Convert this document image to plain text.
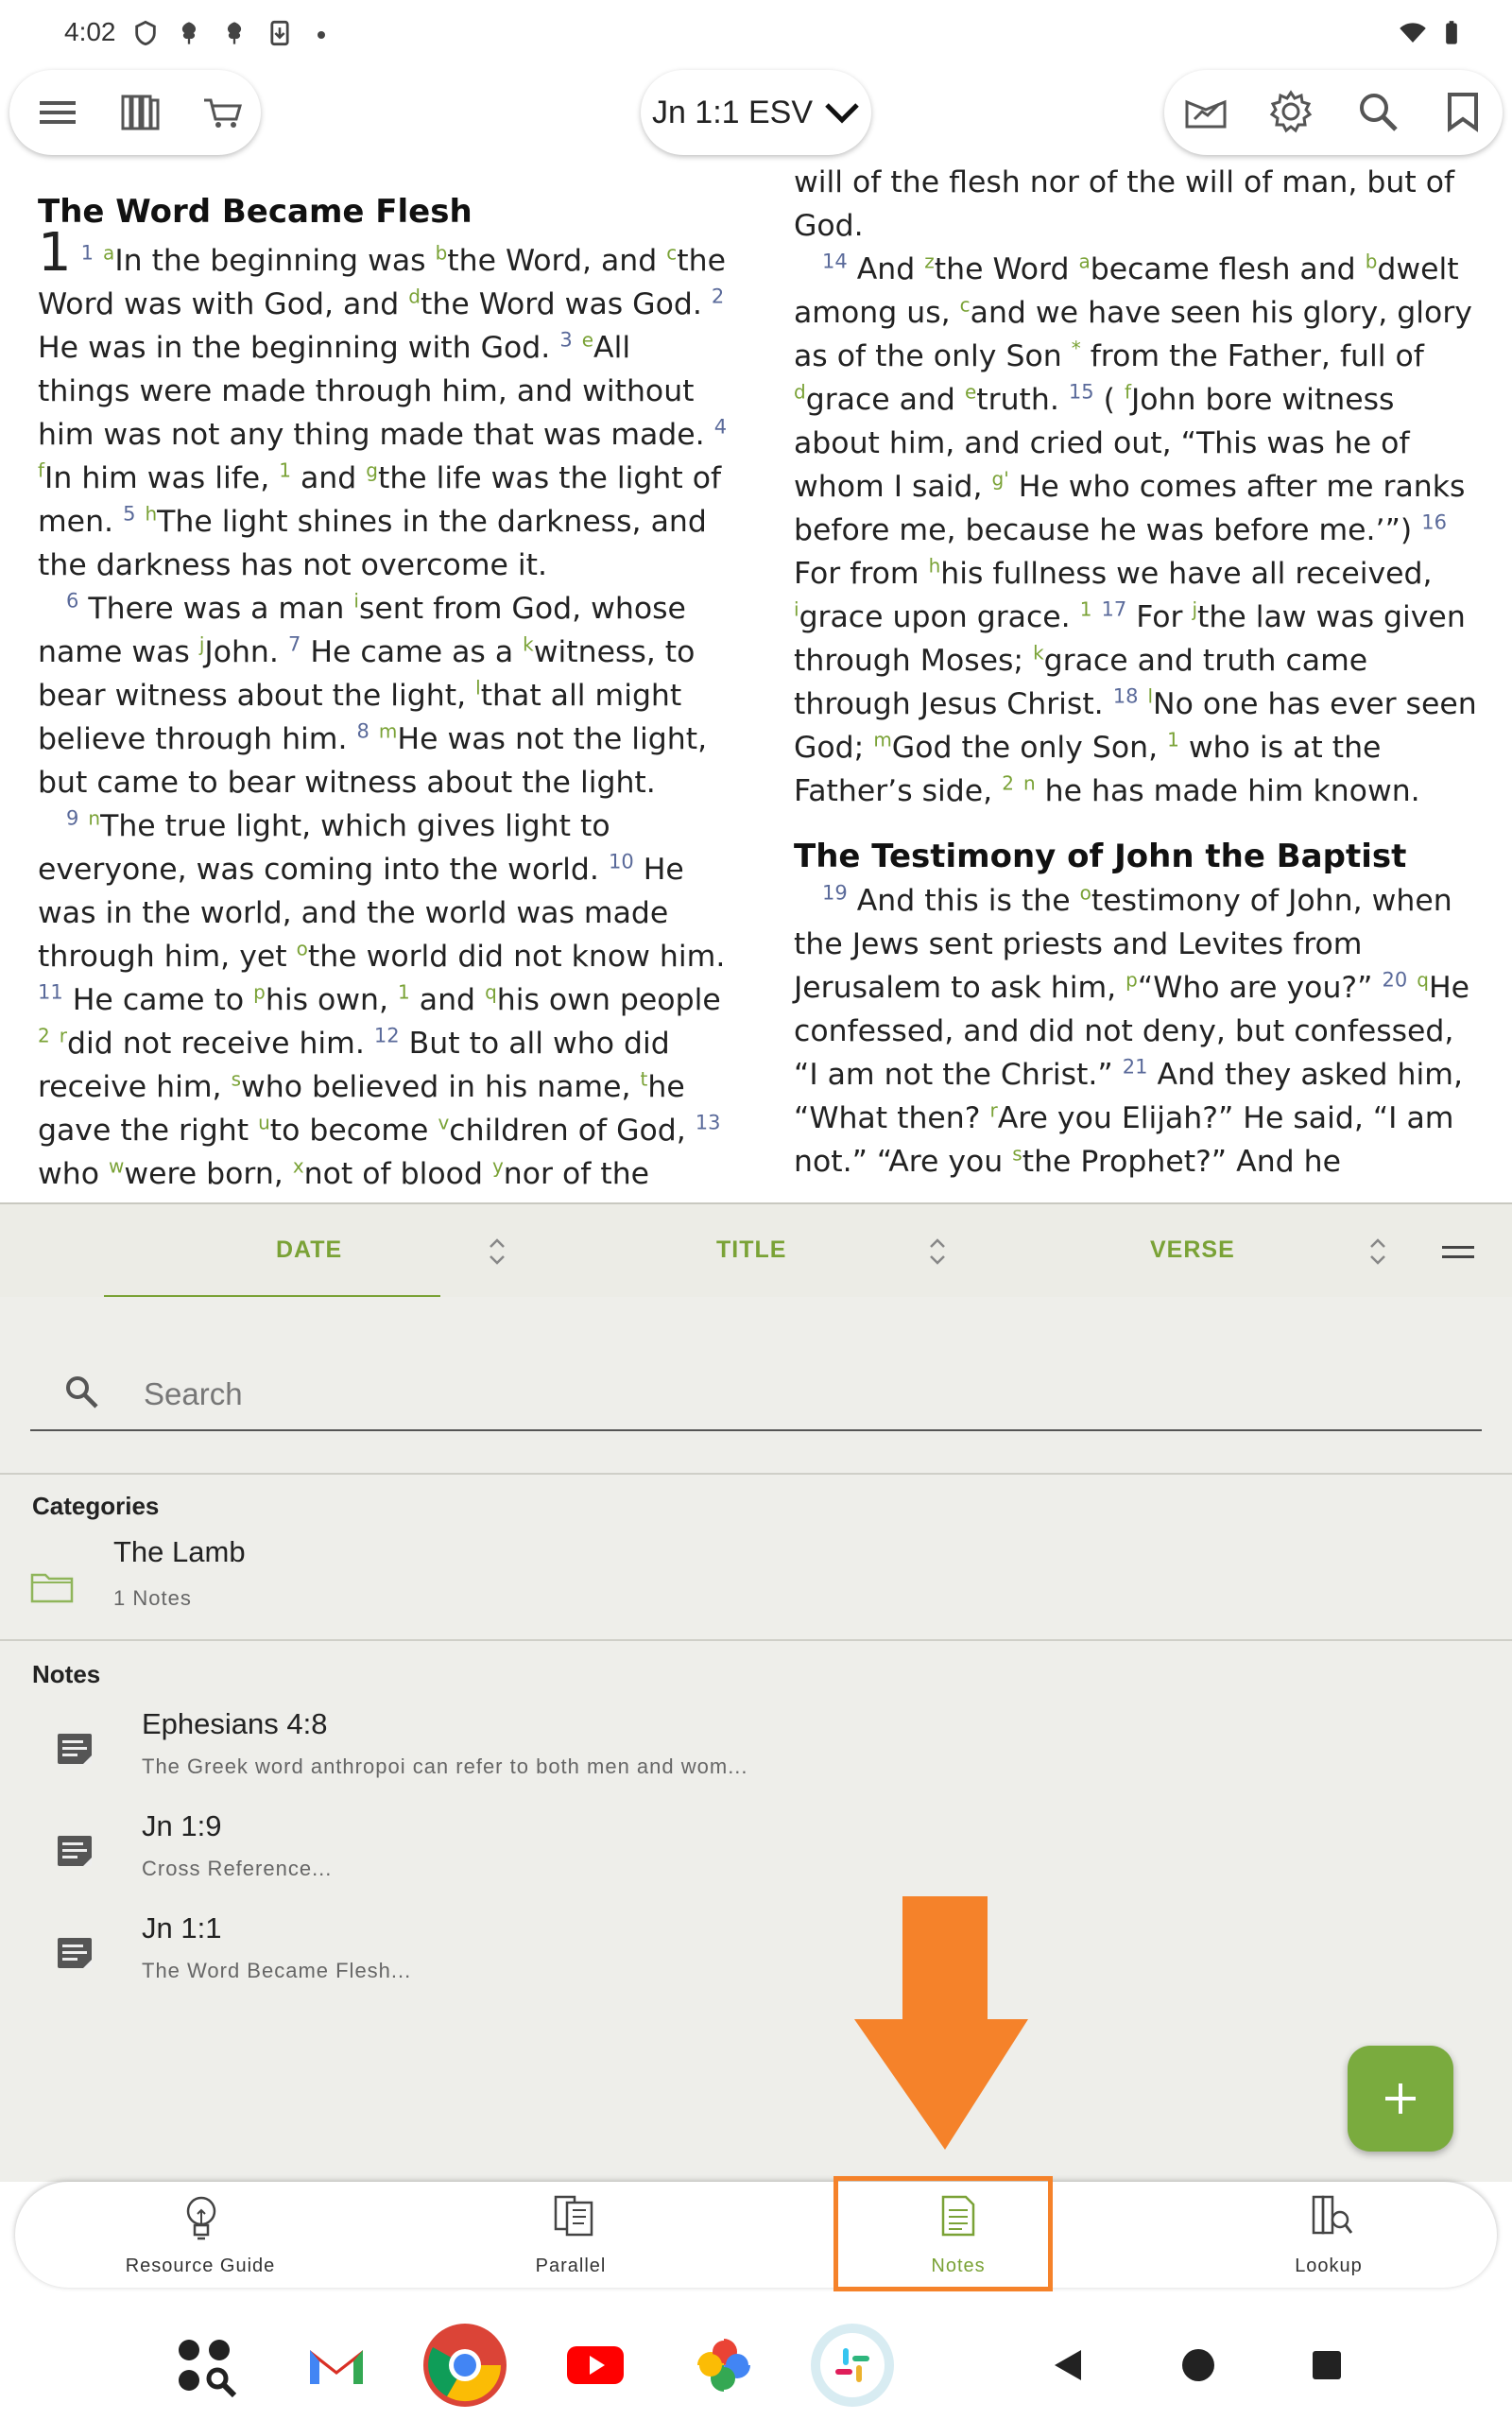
4:02
Jn 1:1 ESV
The Word Became Flesh

1 $^1$ $^a$In the beginning was $^b$the Word, and $^c$the Word was with God, and $^d$the Word was God. $^2$ He was in the beginning with God. $^3$ $^e$All things were made through him, and without him was not any thing made that was made. $^4$ $^f$In him was life, $^1$ and $^g$the life was the light of men. $^5$ $^h$The light shines in the darkness, and the darkness has not overcome it.

$^6$ There was a man $^i$sent from God, whose name was $^j$John. $^7$ He came as a $^k$witness, to bear witness about the light, $^l$that all might believe through him. $^8$ $^m$He was not the light, but came to bear witness about the light.

$^9$ $^n$The true light, which gives light to everyone, was coming into the world. $^{10}$ He was in the world, and the world was made through him, yet $^o$the world did not know him. $^{11}$ He came to $^p$his own, $^1$ and $^q$his own people $^2$ $^r$did not receive him. $^{12}$ But to all who did receive him, $^s$who believed in his name, $^t$he gave the right $^u$to become $^v$children of God, $^{13}$ who $^w$were born, $^x$not of blood $^y$nor of the

will of the flesh nor of the will of man, but of God.

$^{14}$ And $^z$the Word $^a$became flesh and $^b$dwelt among us, $^c$and we have seen his glory, glory as of the only Son * from the Father, full of $^d$grace and $^e$truth. $^{15}$ ( $^f$John bore witness about him, and cried out, “This was he of whom I said, $^{g'}$ He who comes after me ranks before me, because he was before me.’”) $^{16}$ For from $^h$his fullness we have all received, $^i$grace upon grace. $^1$ $^{17}$ For $^j$the law was given through Moses; $^k$grace and truth came through Jesus Christ. $^{18}$ $^l$No one has ever seen God; $^m$God the only Son, $^1$ who is at the Father’s side, $^2$ $^n$ he has made him known.

The Testimony of John the Baptist

$^{19}$ And this is the $^o$testimony of John, when the Jews sent priests and Levites from Jerusalem to ask him, $^p$“Who are you?” $^{20}$ $^q$He confessed, and did not deny, but confessed, “I am not the Christ.” $^{21}$ And they asked him, “What then? $^r$Are you Elijah?” He said, “I am not.” “Are you $^s$the Prophet?” And he

DATE	TITLE	VERSE
Search
Categories
The Lamb
1 Notes
Notes
Ephesians 4:8
The Greek word anthropoi can refer to both men and wom...
Jn 1:9
Cross Reference...
Jn 1:1
The Word Became Flesh...
Resource Guide	Parallel	Notes	Lookup
